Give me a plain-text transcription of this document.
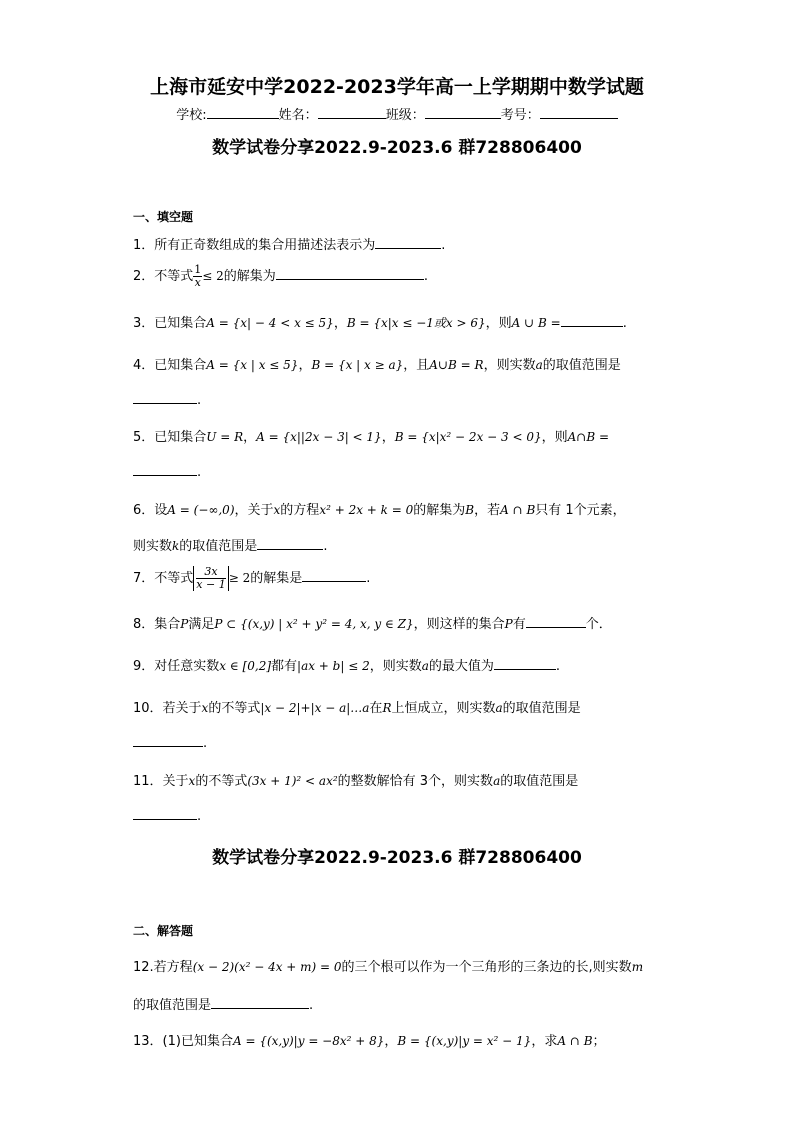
上海市延安中学2022-2023学年高一上学期期中数学试题
学校:	姓名：	班级：	考号：
数学试卷分享2022.9-2023.6 群728806400
一、填空题
1．所有正奇数组成的集合用描述法表示为	.
2．不等式 $\frac{1}{x} \le 2$的解集为	.
3．已知集合A = {x| − 4 < x ≤ 5}，B = {x|x ≤ −1或x > 6}，则A ∪ B =	.
4．已知集合A = {x | x ≤ 5}，B = {x | x ≥ a}，且A∪B = R，则实数a的取值范围是
.
5．已知集合U = R，A = {x||2x − 3| < 1}，B = {x|x² − 2x − 3 < 0}，则A∩B =
.
6．设A = (−∞,0)，关于x的方程x² + 2x + k = 0的解集为B，若A ∩ B只有 1个元素，
则实数k的取值范围是	.
7．不等式 $\frac{3x}{x - 1} \ge 2$的解集是	.
8．集合P满足P ⊂ {(x,y) | x² + y² = 4, x, y ∈ Z}，则这样的集合P有	个．
9．对任意实数x ∈ [0,2]都有|ax + b| ≤ 2，则实数a的最大值为	.
10．若关于x的不等式|x − 2|+|x − a|…a在R上恒成立，则实数a的取值范围是
.
11．关于x的不等式(3x + 1)² < ax²的整数解恰有 3个，则实数a的取值范围是
.
数学试卷分享2022.9-2023.6 群728806400
二、解答题
12.若方程(x − 2)(x² − 4x + m) = 0的三个根可以作为一个三角形的三条边的长,则实数m
的取值范围是	.
13．(1)已知集合A = {(x,y)|y = −8x² + 8}，B = {(x,y)|y = x² − 1}，求A ∩ B；
